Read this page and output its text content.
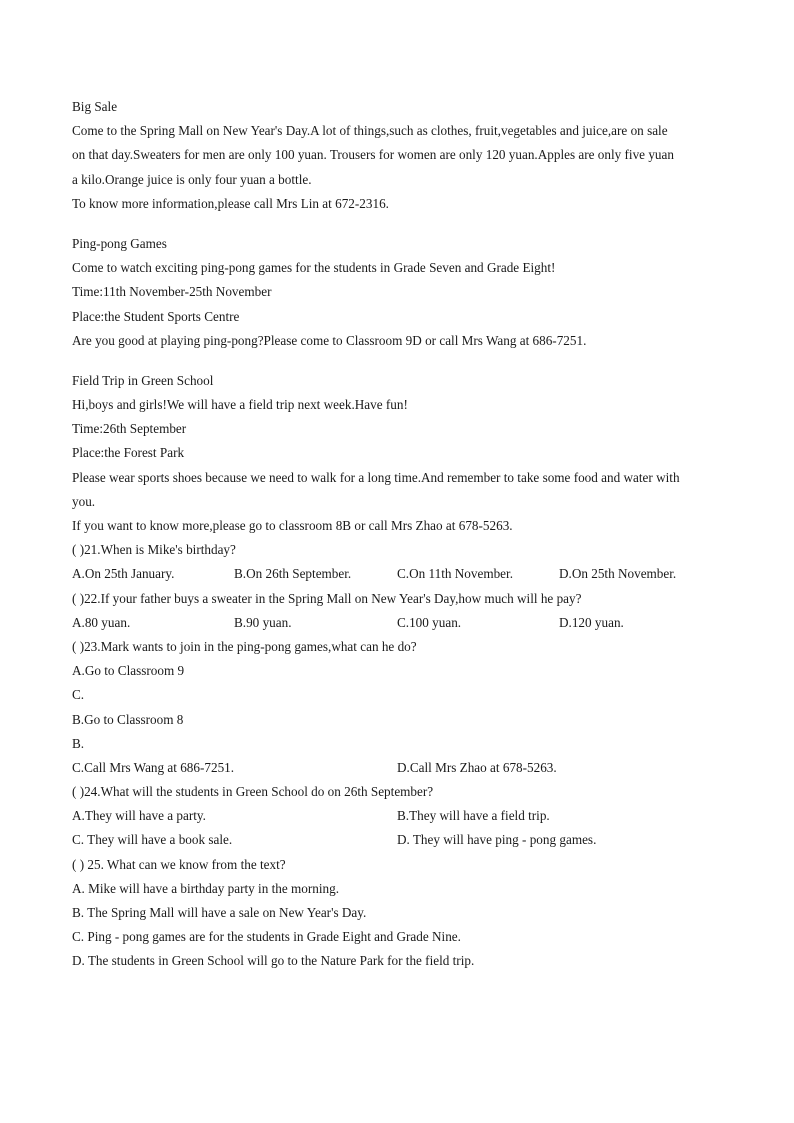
Big Sale
Come to the Spring Mall on New Year's Day.A lot of things,such as clothes, fruit,vegetables and juice,are on sale
on that day.Sweaters for men are only 100 yuan. Trousers for women are only 120 yuan.Apples are only five yuan
a kilo.Orange juice is only four yuan a bottle.
To know more information,please call Mrs Lin at 672-2316.
Ping-pong Games
Come to watch exciting ping-pong games for the students in Grade Seven and Grade Eight!
Time:11th November-25th November
Place:the Student Sports Centre
Are you good at playing ping-pong?Please come to Classroom 9D or call Mrs Wang at 686-7251.
Field Trip in Green School
Hi,boys and girls!We will have a field trip next week.Have fun!
Time:26th September
Place:the Forest Park
Please wear sports shoes because we need to walk for a long time.And remember to take some food and water with
you.
If you want to know more,please go to classroom 8B or call Mrs Zhao at 678-5263.
( )21.When is Mike's birthday?
A.On 25th January.	B.On 26th September.	C.On 11th November.	D.On 25th November.
( )22.If your father buys a sweater in the Spring Mall on New Year's Day,how much will he pay?
A.80 yuan.	B.90 yuan.	C.100 yuan.	D.120 yuan.
( )23.Mark wants to join in the ping-pong games,what can he do?
A.Go to Classroom 9
C.
B.Go to Classroom 8
B.
C.Call Mrs Wang at 686-7251.	D.Call Mrs Zhao at 678-5263.
( )24.What will the students in Green School do on 26th September?
A.They will have a party.	B.They will have a field trip.
C. They will have a book sale.	D. They will have ping - pong games.
( ) 25. What can we know from the text?
A. Mike will have a birthday party in the morning.
B. The Spring Mall will have a sale on New Year's Day.
C. Ping - pong games are for the students in Grade Eight and Grade Nine.
D. The students in Green School will go to the Nature Park for the field trip.
